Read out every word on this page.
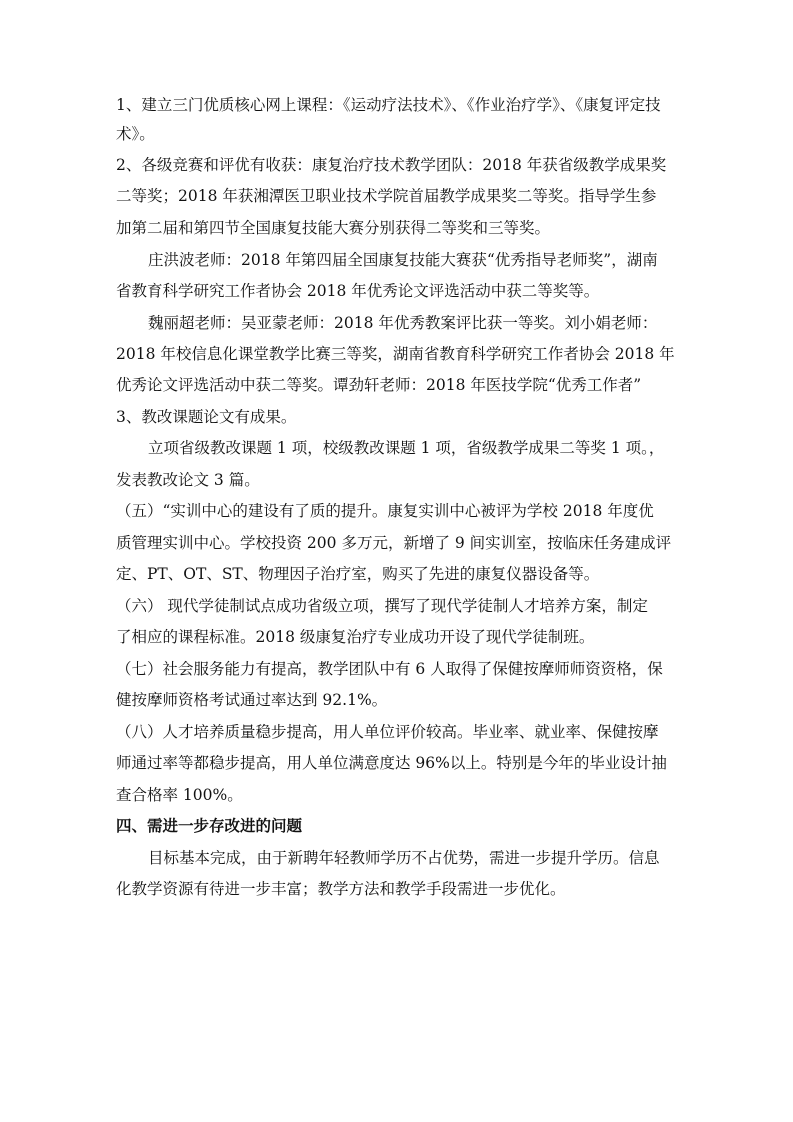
1、建立三门优质核心网上课程：《运动疗法技术》、《作业治疗学》、《康复评定技
术》。
2、各级竞赛和评优有收获：康复治疗技术教学团队：2018 年获省级教学成果奖
二等奖；2018 年获湘潭医卫职业技术学院首届教学成果奖二等奖。指导学生参
加第二届和第四节全国康复技能大赛分别获得二等奖和三等奖。
庄洪波老师：2018 年第四届全国康复技能大赛获“优秀指导老师奖”，湖南
省教育科学研究工作者协会 2018 年优秀论文评选活动中获二等奖等。
魏丽超老师：吴亚蒙老师：2018 年优秀教案评比获一等奖。刘小娟老师：
2018 年校信息化课堂教学比赛三等奖，湖南省教育科学研究工作者协会 2018 年
优秀论文评选活动中获二等奖。谭劲轩老师：2018 年医技学院“优秀工作者”
3、教改课题论文有成果。
立项省级教改课题 1 项，校级教改课题 1 项，省级教学成果二等奖 1 项。，
发表教改论文 3 篇。
（五）“实训中心的建设有了质的提升。康复实训中心被评为学校 2018 年度优
质管理实训中心。学校投资 200 多万元，新增了 9 间实训室，按临床任务建成评
定、PT、OT、ST、物理因子治疗室，购买了先进的康复仪器设备等。
（六） 现代学徒制试点成功省级立项，撰写了现代学徒制人才培养方案，制定
了相应的课程标准。2018 级康复治疗专业成功开设了现代学徒制班。
（七）社会服务能力有提高，教学团队中有 6 人取得了保健按摩师师资资格，保
健按摩师资格考试通过率达到 92.1%。
（八）人才培养质量稳步提高，用人单位评价较高。毕业率、就业率、保健按摩
师通过率等都稳步提高，用人单位满意度达 96%以上。特别是今年的毕业设计抽
查合格率 100%。
四、需进一步存改进的问题
目标基本完成，由于新聘年轻教师学历不占优势，需进一步提升学历。信息
化教学资源有待进一步丰富；教学方法和教学手段需进一步优化。
